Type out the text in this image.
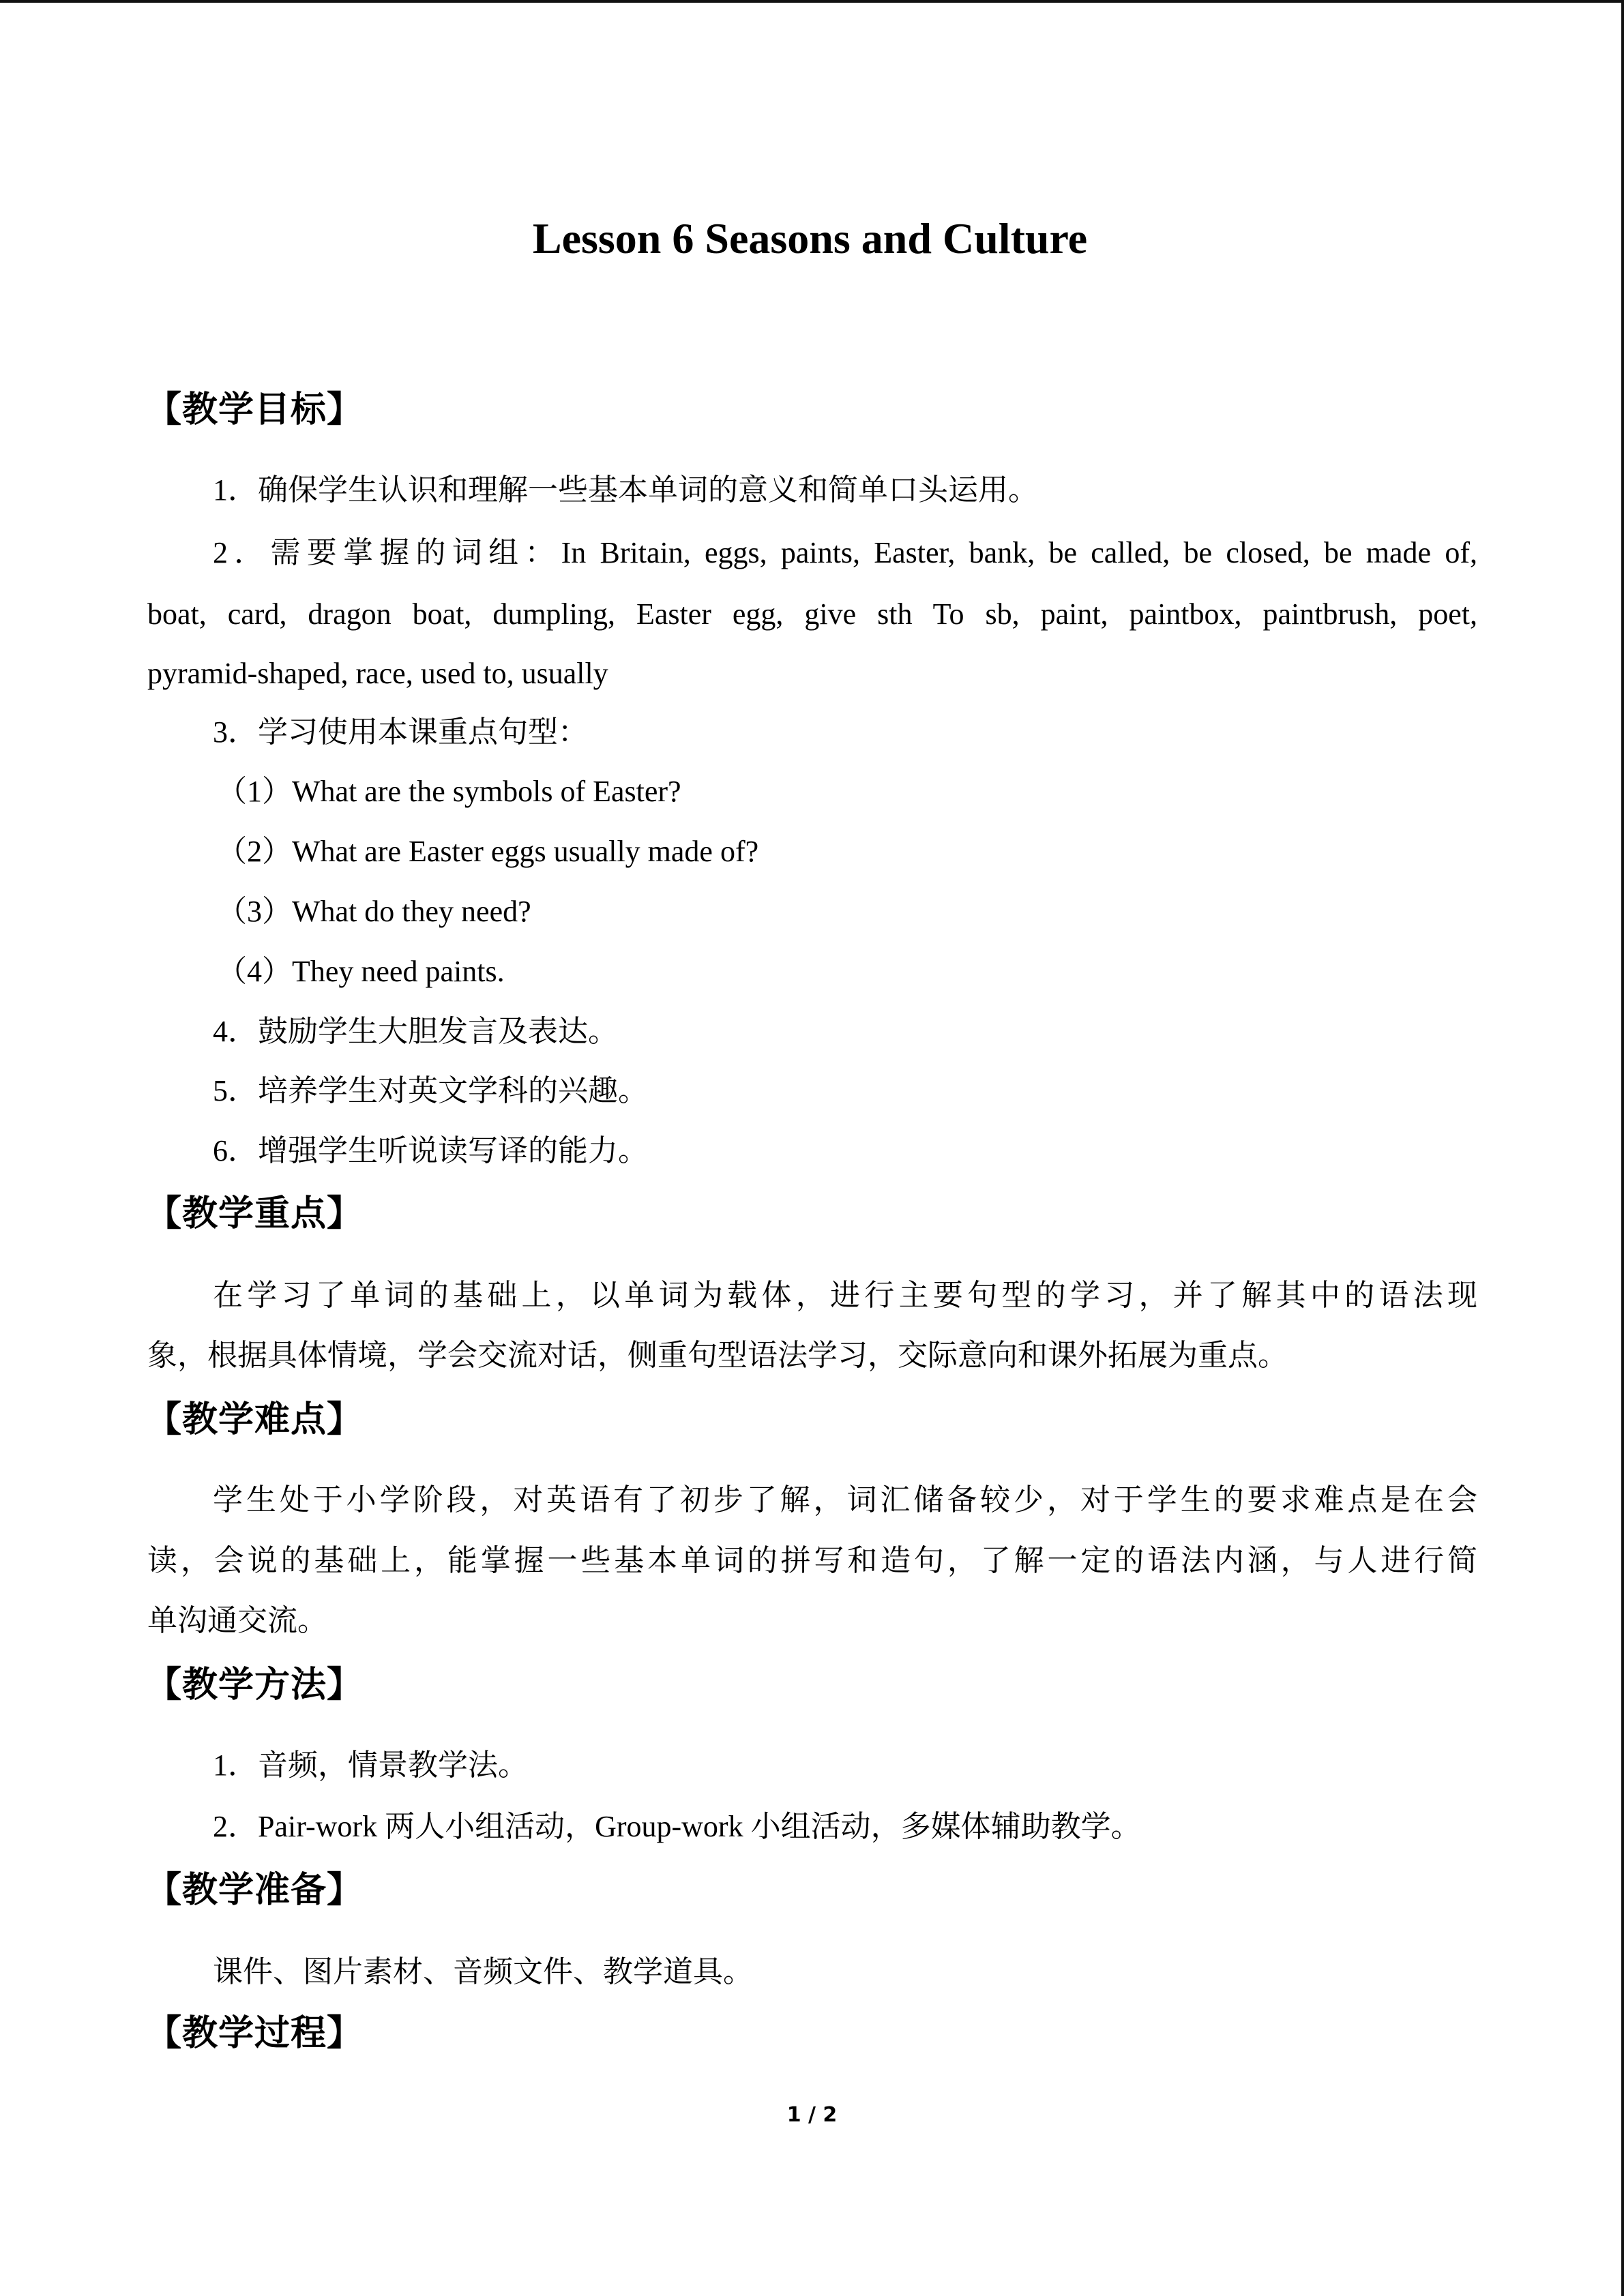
Lesson 6 Seasons and Culture
【教学目标】
1．确保学生认识和理解一些基本单词的意义和简单口头运用。
2．需要掌握的词组：In Britain, eggs, paints, Easter, bank, be called, be closed, be made of,
boat, card, dragon boat, dumpling, Easter egg, give sth To sb, paint, paintbox, paintbrush, poet,
pyramid-shaped, race, used to, usually
3．学习使用本课重点句型：
（1）What are the symbols of Easter?
（2）What are Easter eggs usually made of?
（3）What do they need?
（4）They need paints.
4．鼓励学生大胆发言及表达。
5．培养学生对英文学科的兴趣。
6．增强学生听说读写译的能力。
【教学重点】
在学习了单词的基础上，以单词为载体，进行主要句型的学习，并了解其中的语法现
象，根据具体情境，学会交流对话，侧重句型语法学习，交际意向和课外拓展为重点。
【教学难点】
学生处于小学阶段，对英语有了初步了解，词汇储备较少，对于学生的要求难点是在会
读，会说的基础上，能掌握一些基本单词的拼写和造句，了解一定的语法内涵，与人进行简
单沟通交流。
【教学方法】
1．音频，情景教学法。
2．Pair-work 两人小组活动，Group-work 小组活动，多媒体辅助教学。
【教学准备】
课件、图片素材、音频文件、教学道具。
【教学过程】
1 / 2
